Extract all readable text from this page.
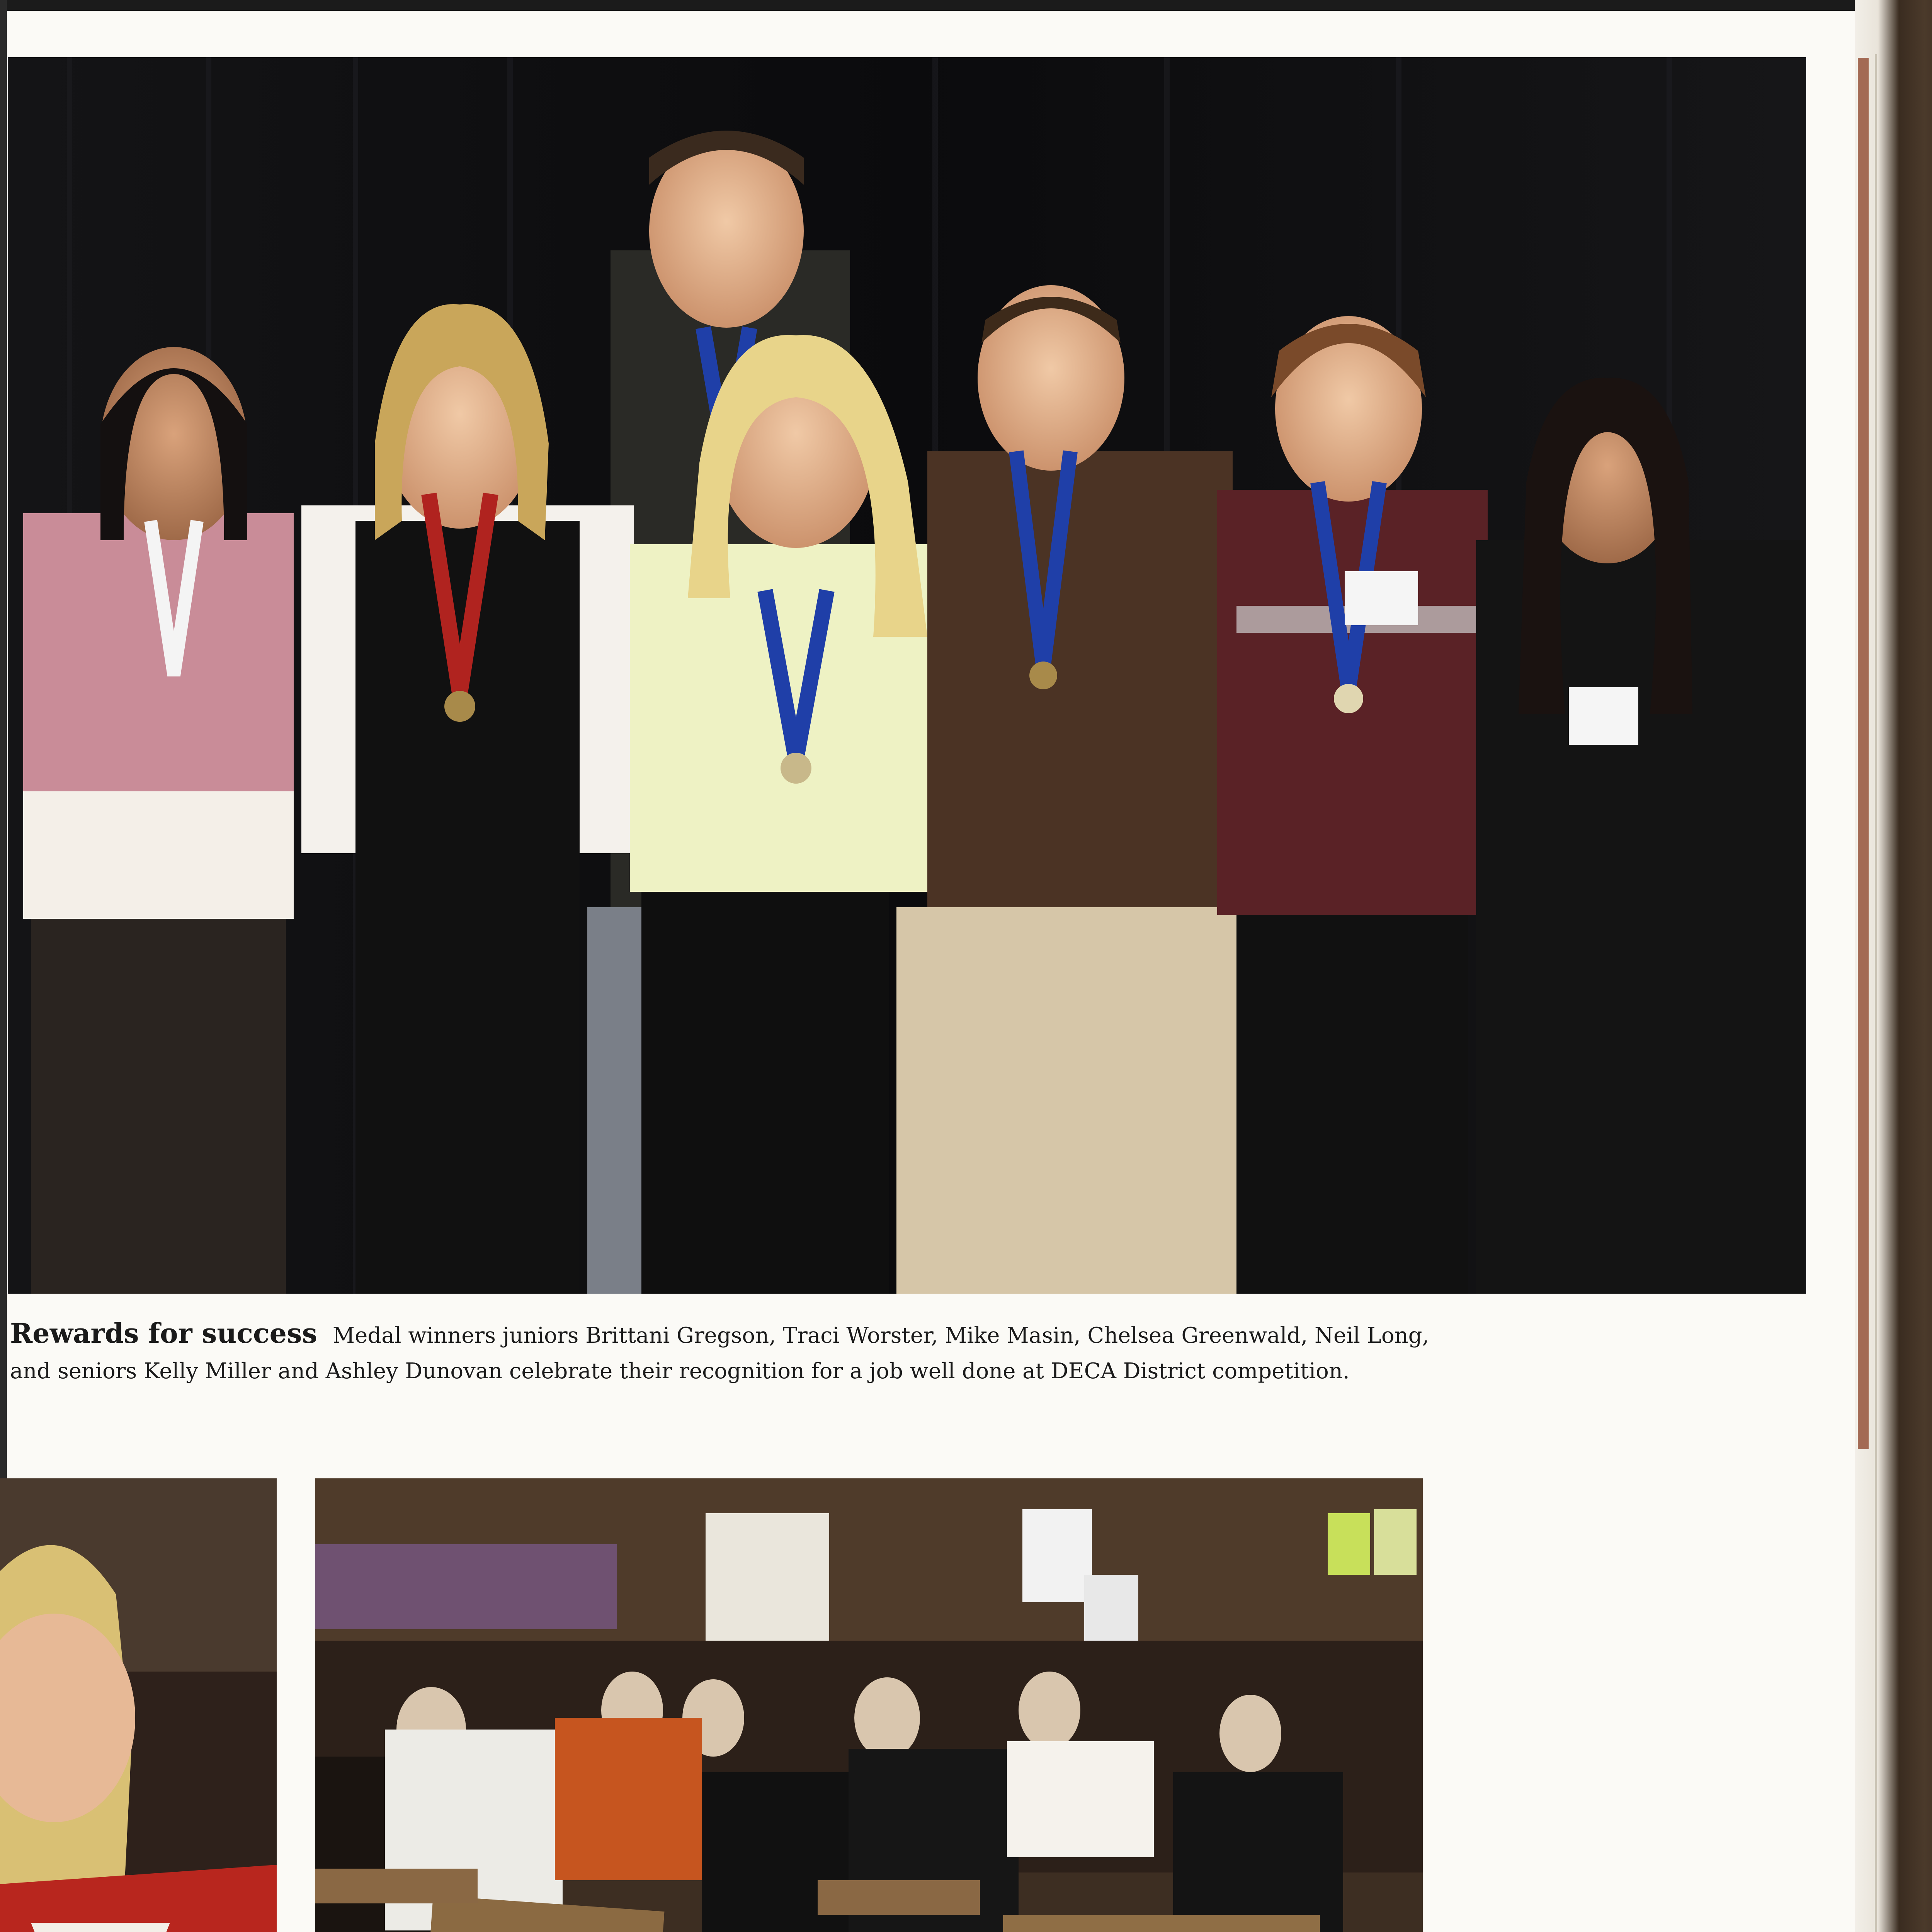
Rewards for success Medal winners juniors Brittani Gregson, Traci Worster, Mike Masin, Chelsea Greenwald, Neil Long, and seniors Kelly Miller and Ashley Dunovan celebrate their recognition for a job well done at DECA District competition.
